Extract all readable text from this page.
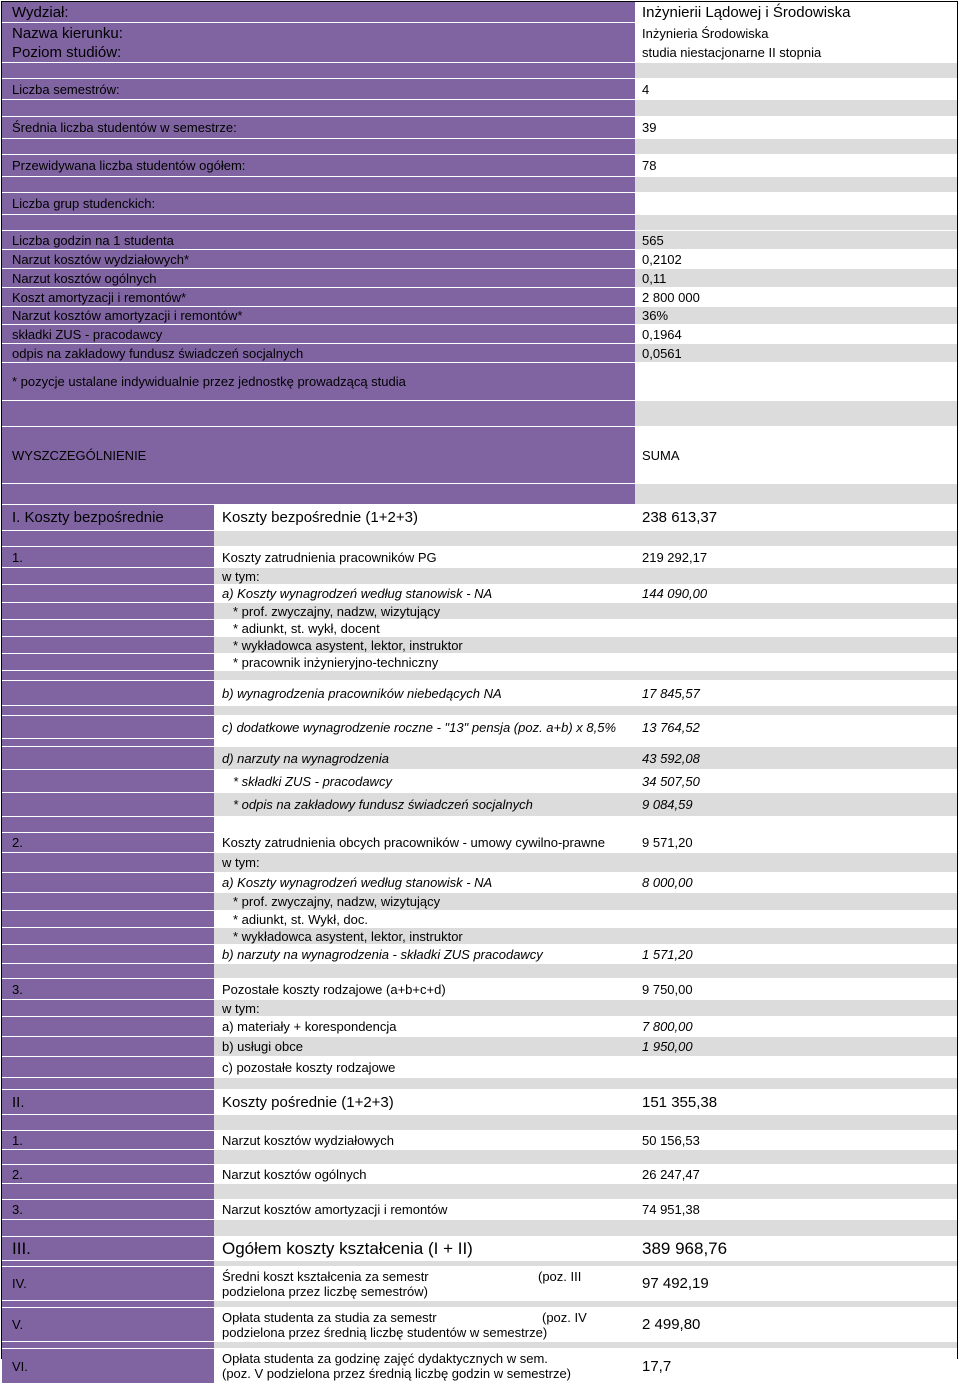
Wydział:	Inżynierii Lądowej i Środowiska
Nazwa kierunku:	Inżynieria Środowiska
Poziom studiów:	studia niestacjonarne II stopnia
Liczba semestrów:	4
Średnia liczba studentów w semestrze:	39
Przewidywana liczba studentów ogółem:	78
Liczba grup studenckich:
Liczba godzin na 1 studenta	565
Narzut kosztów wydziałowych*	0,2102
Narzut kosztów ogólnych	0,11
Koszt amortyzacji i remontów*	2 800 000
Narzut kosztów amortyzacji i remontów*	36%
składki ZUS - pracodawcy	0,1964
odpis na zakładowy fundusz świadczeń socjalnych	0,0561
* pozycje ustalane indywidualnie przez jednostkę prowadzącą studia
WYSZCZEGÓLNIENIE	SUMA
I. Koszty bezpośrednie	Koszty bezpośrednie (1+2+3)	238 613,37
1.	Koszty zatrudnienia pracowników PG	219 292,17
w tym:
a) Koszty wynagrodzeń według stanowisk - NA	144 090,00
* prof. zwyczajny, nadzw, wizytujący
* adiunkt, st. wykł, docent
* wykładowca asystent, lektor, instruktor
* pracownik inżynieryjno-techniczny
b) wynagrodzenia pracowników niebedących NA	17 845,57
c) dodatkowe wynagrodzenie roczne - "13" pensja (poz. a+b) x 8,5%	13 764,52
d) narzuty na wynagrodzenia	43 592,08
* składki ZUS - pracodawcy	34 507,50
* odpis na zakładowy fundusz świadczeń socjalnych	9 084,59
2.	Koszty zatrudnienia obcych pracowników - umowy cywilno-prawne	9 571,20
w tym:
a) Koszty wynagrodzeń według stanowisk - NA	8 000,00
* prof. zwyczajny, nadzw, wizytujący
* adiunkt, st. Wykł, doc.
* wykładowca asystent, lektor, instruktor
b) narzuty na wynagrodzenia - składki ZUS pracodawcy	1 571,20
3.	Pozostałe koszty rodzajowe (a+b+c+d)	9 750,00
w tym:
a) materiały + korespondencja	7 800,00
b) usługi obce	1 950,00
c) pozostałe koszty rodzajowe
II.	Koszty pośrednie (1+2+3)	151 355,38
1.	Narzut kosztów wydziałowych	50 156,53
2.	Narzut kosztów ogólnych	26 247,47
3.	Narzut kosztów amortyzacji i remontów	74 951,38
III.	Ogółem koszty kształcenia (I + II)	389 968,76
IV.	Średni koszt kształcenia za semestr	(poz. III
podzielona przez liczbę semestrów)	97 492,19
V.	Opłata studenta za studia za semestr	(poz. IV
podzielona przez średnią liczbę studentów w semestrze)	2 499,80
VI.	Opłata studenta za godzinę zajęć dydaktycznych w sem.
(poz. V podzielona przez średnią liczbę godzin w semestrze)	17,7
